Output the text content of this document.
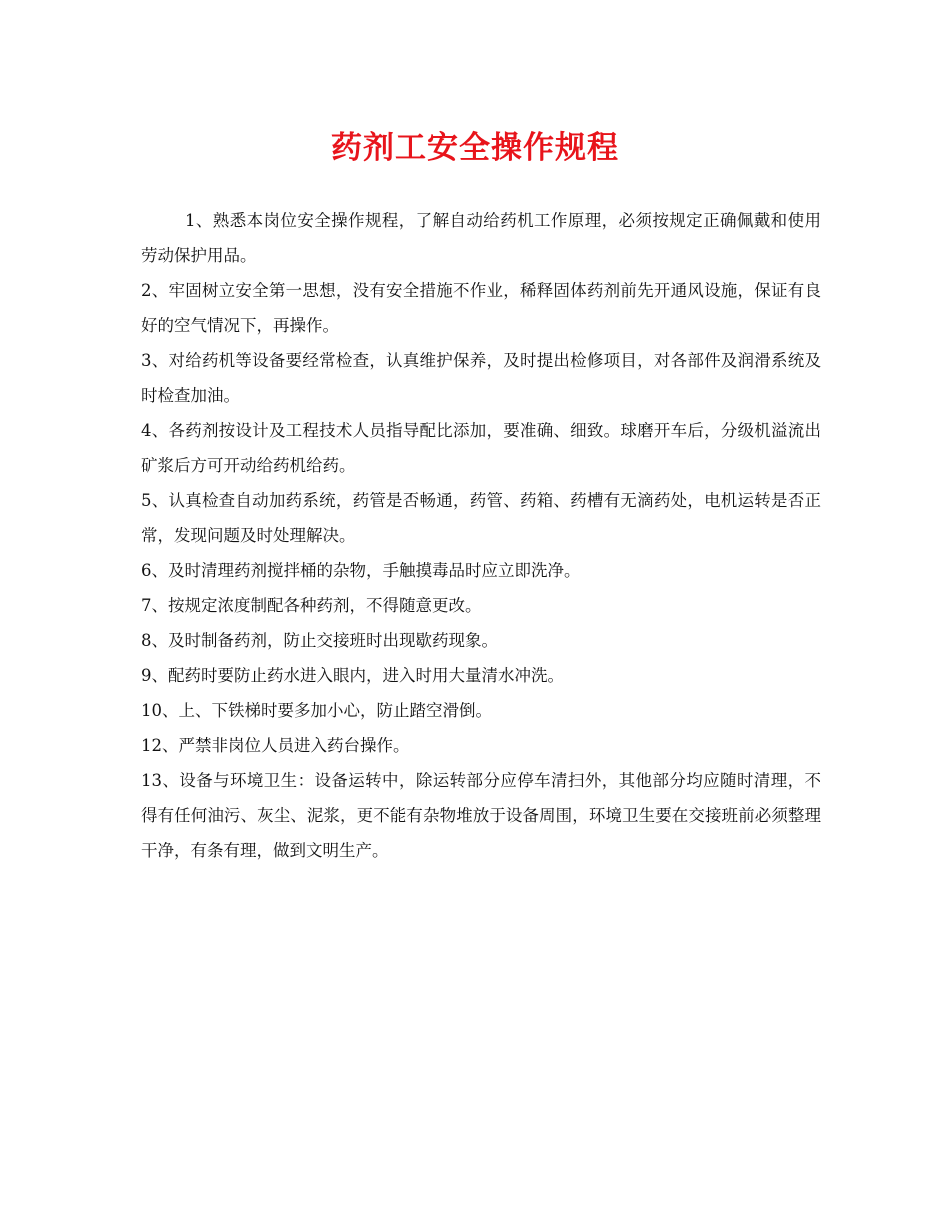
药剂工安全操作规程

1、熟悉本岗位安全操作规程，了解自动给药机工作原理，必须按规定正确佩戴和使用劳动保护用品。

2、牢固树立安全第一思想，没有安全措施不作业，稀释固体药剂前先开通风设施，保证有良好的空气情况下，再操作。

3、对给药机等设备要经常检查，认真维护保养，及时提出检修项目，对各部件及润滑系统及时检查加油。

4、各药剂按设计及工程技术人员指导配比添加，要准确、细致。球磨开车后，分级机溢流出矿浆后方可开动给药机给药。

5、认真检查自动加药系统，药管是否畅通，药管、药箱、药槽有无滴药处，电机运转是否正常，发现问题及时处理解决。

6、及时清理药剂搅拌桶的杂物，手触摸毒品时应立即洗净。

7、按规定浓度制配各种药剂，不得随意更改。

8、及时制备药剂，防止交接班时出现歇药现象。

9、配药时要防止药水进入眼内，进入时用大量清水冲洗。

10、上、下铁梯时要多加小心，防止踏空滑倒。

12、严禁非岗位人员进入药台操作。

13、设备与环境卫生：设备运转中，除运转部分应停车清扫外，其他部分均应随时清理，不得有任何油污、灰尘、泥浆，更不能有杂物堆放于设备周围，环境卫生要在交接班前必须整理干净，有条有理，做到文明生产。
